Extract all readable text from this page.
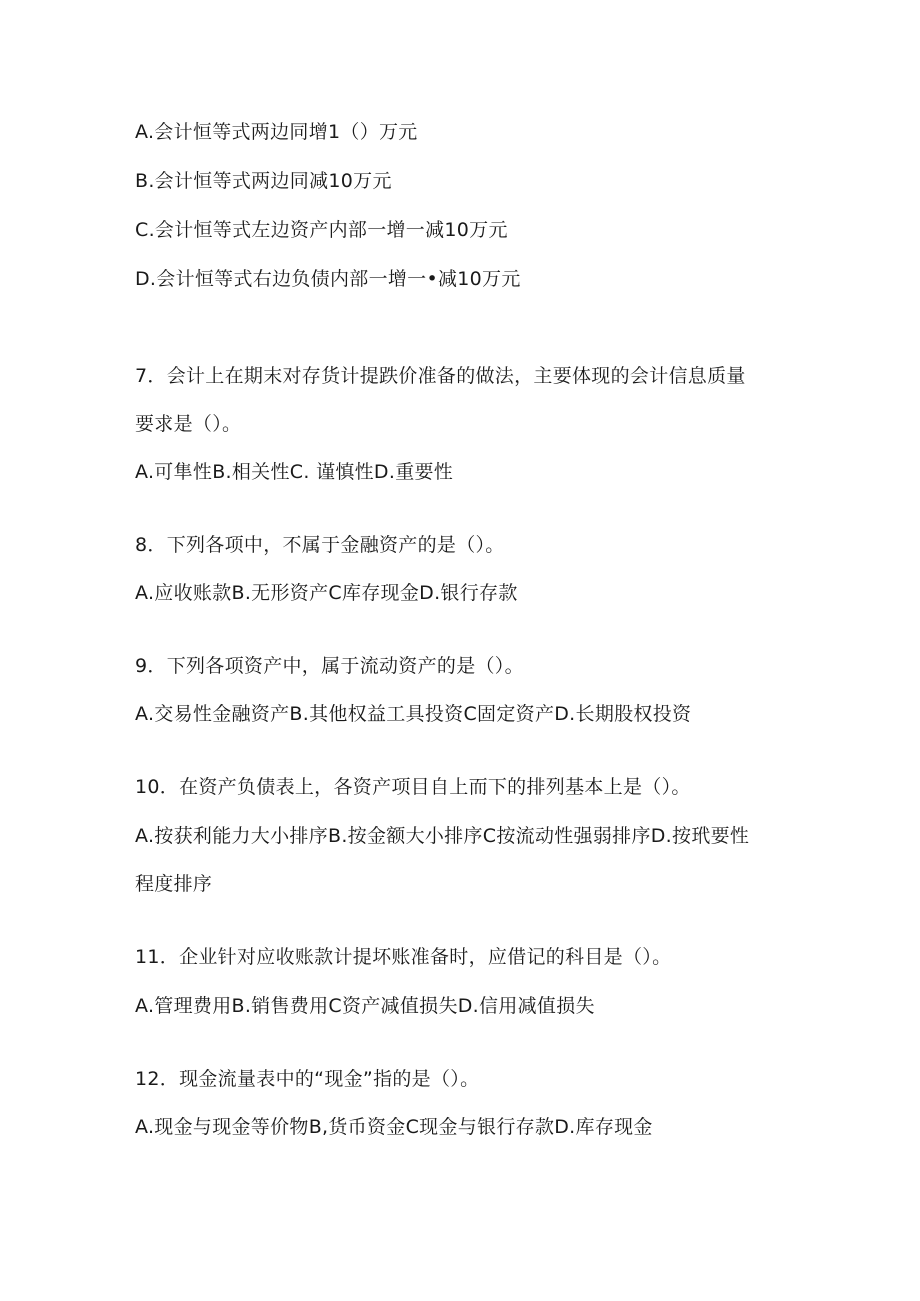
A.会计恒等式两边同增1（）万元
B.会计恒等式两边同减10万元
C.会计恒等式左边资产内部一增一减10万元
D.会计恒等式右边负债内部一增一•减10万元
7．会计上在期末对存货计提跌价准备的做法，主要体现的会计信息质量
要求是（）。
A.可隼性B.相关性C. 谨慎性D.重要性
8．下列各项中，不属于金融资产的是（）。
A.应收账款B.无形资产C库存现金D.银行存款
9．下列各项资产中，属于流动资产的是（）。
A.交易性金融资产B.其他权益工具投资C固定资产D.长期股权投资
10．在资产负债表上，各资产项目自上而下的排列基本上是（）。
A.按获利能力大小排序B.按金额大小排序C按流动性强弱排序D.按玳要性
程度排序
11．企业针对应收账款计提坏账准备时，应借记的科目是（）。
A.管理费用B.销售费用C资产减值损失D.信用减值损失
12．现金流量表中的“现金”指的是（）。
A.现金与现金等价物B,货币资金C现金与银行存款D.库存现金
